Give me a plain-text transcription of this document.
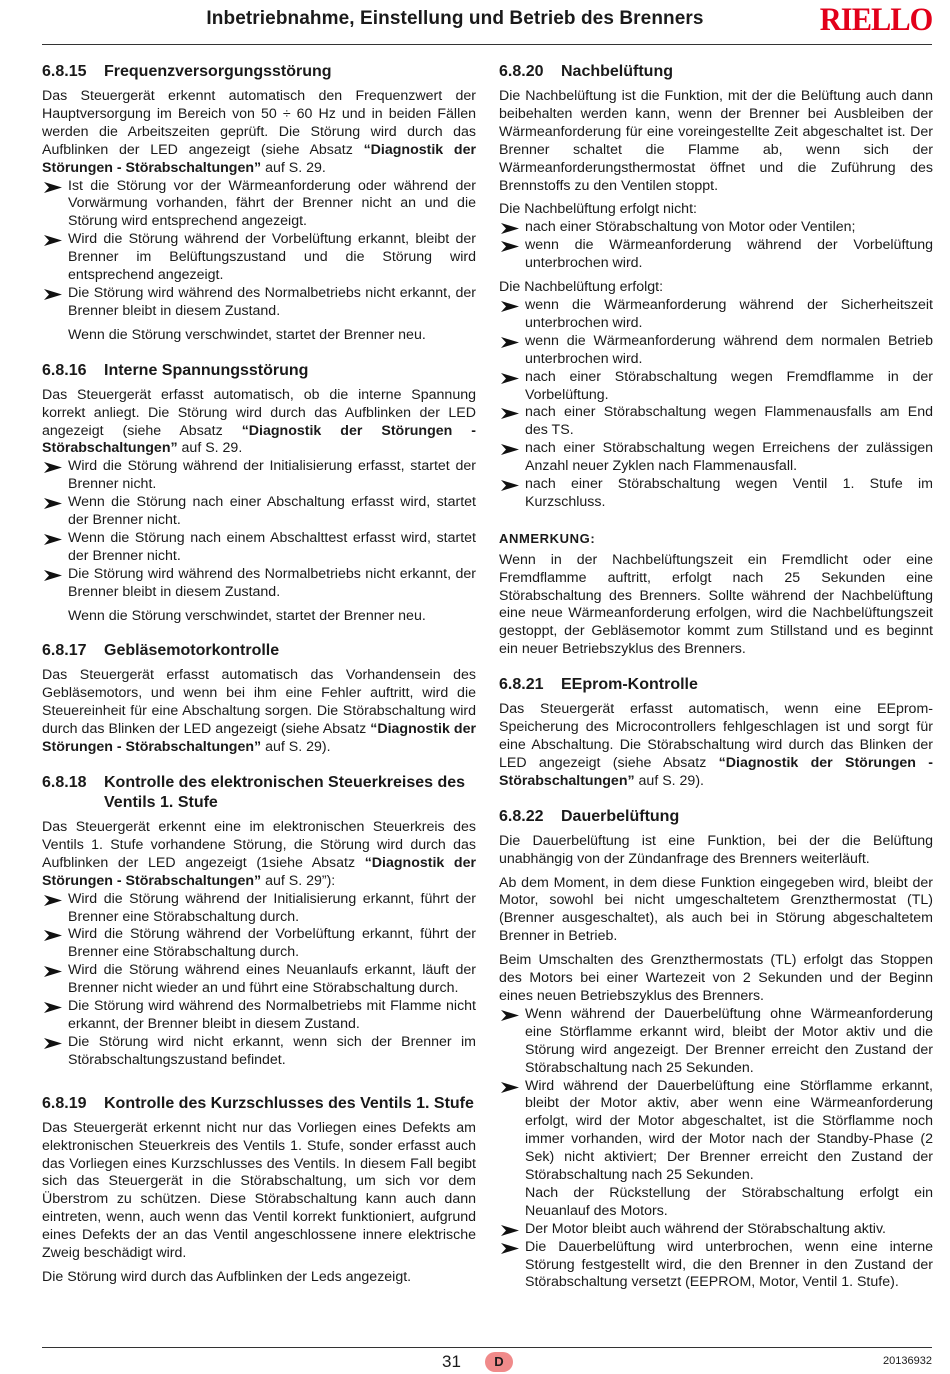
Inbetriebnahme, Einstellung und Betrieb des Brenners	RIELLO
6.8.15	Frequenzversorgungsstörung

Das Steuergerät erkennt automatisch den Frequenzwert der Hauptversorgung im Bereich von 50 ÷ 60 Hz und in beiden Fällen werden die Arbeitszeiten geprüft. Die Störung wird durch das Aufblinken der LED angezeigt (siehe Absatz “Diagnostik der Störungen - Störabschaltungen” auf S. 29.

Ist die Störung vor der Wärmeanforderung oder während der Vorwärmung vorhanden, fährt der Brenner nicht an und die Störung wird entsprechend angezeigt.
Wird die Störung während der Vorbelüftung erkannt, bleibt der Brenner im Belüftungszustand und die Störung wird entsprechend angezeigt.
Die Störung wird während des Normalbetriebs nicht erkannt, der Brenner bleibt in diesem Zustand.

Wenn die Störung verschwindet, startet der Brenner neu.

6.8.16	Interne Spannungsstörung

Das Steuergerät erfasst automatisch, ob die interne Spannung korrekt anliegt. Die Störung wird durch das Aufblinken der LED angezeigt (siehe Absatz “Diagnostik der Störungen - Störabschaltungen” auf S. 29.

Wird die Störung während der Initialisierung erfasst, startet der Brenner nicht.
Wenn die Störung nach einer Abschaltung erfasst wird, startet der Brenner nicht.
Wenn die Störung nach einem Abschalttest erfasst wird, startet der Brenner nicht.
Die Störung wird während des Normalbetriebs nicht erkannt, der Brenner bleibt in diesem Zustand.

Wenn die Störung verschwindet, startet der Brenner neu.

6.8.17	Gebläsemotorkontrolle

Das Steuergerät erfasst automatisch das Vorhandensein des Gebläsemotors, und wenn bei ihm eine Fehler auftritt, wird die Steuereinheit für eine Abschaltung sorgen. Die Störabschaltung wird durch das Blinken der LED angezeigt (siehe Absatz “Diagnostik der Störungen - Störabschaltungen” auf S. 29).

6.8.18	Kontrolle des elektronischen Steuerkreises des Ventils 1. Stufe

Das Steuergerät erkennt eine im elektronischen Steuerkreis des Ventils 1. Stufe vorhandene Störung, die Störung wird durch das Aufblinken der LED angezeigt (1siehe Absatz “Diagnostik der Störungen - Störabschaltungen” auf S. 29”):

Wird die Störung während der Initialisierung erkannt, führt der Brenner eine Störabschaltung durch.
Wird die Störung während der Vorbelüftung erkannt, führt der Brenner eine Störabschaltung durch.
Wird die Störung während eines Neuanlaufs erkannt, läuft der Brenner nicht wieder an und führt eine Störabschaltung durch.
Die Störung wird während des Normalbetriebs mit Flamme nicht erkannt, der Brenner bleibt in diesem Zustand.
Die Störung wird nicht erkannt, wenn sich der Brenner im Störabschaltungszustand befindet.
6.8.19	Kontrolle des Kurzschlusses des Ventils 1. Stufe

Das Steuergerät erkennt nicht nur das Vorliegen eines Defekts am elektronischen Steuerkreis des Ventils 1. Stufe, sonder erfasst auch das Vorliegen eines Kurzschlusses des Ventils. In diesem Fall begibt sich das Steuergerät in die Störabschaltung, um sich vor dem Überstrom zu schützen. Diese Störabschaltung kann auch dann eintreten, wenn, auch wenn das Ventil korrekt funktioniert, aufgrund eines Defekts der an das Ventil angeschlossene innere elektrische Zweig beschädigt wird.

Die Störung wird durch das Aufblinken der Leds angezeigt.

6.8.20	Nachbelüftung

Die Nachbelüftung ist die Funktion, mit der die Belüftung auch dann beibehalten werden kann, wenn der Brenner bei Ausbleiben der Wärmeanforderung für eine voreingestellte Zeit abgeschaltet ist. Der Brenner schaltet die Flamme ab, wenn sich der Wärmeanforderungsthermostat öffnet und die Zuführung des Brennstoffs zu den Ventilen stoppt.

Die Nachbelüftung erfolgt nicht:

nach einer Störabschaltung von Motor oder Ventilen;
wenn die Wärmeanforderung während der Vorbelüftung unterbrochen wird.

Die Nachbelüftung erfolgt:

wenn die Wärmeanforderung während der Sicherheitszeit unterbrochen wird.
wenn die Wärmeanforderung während dem normalen Betrieb unterbrochen wird.
nach einer Störabschaltung wegen Fremdflamme in der Vorbelüftung.
nach einer Störabschaltung wegen Flammenausfalls am End des TS.
nach einer Störabschaltung wegen Erreichens der zulässigen Anzahl neuer Zyklen nach Flammenausfall.
nach einer Störabschaltung wegen Ventil 1. Stufe im Kurzschluss.
ANMERKUNG:

Wenn in der Nachbelüftungszeit ein Fremdlicht oder eine Fremdflamme auftritt, erfolgt nach 25 Sekunden eine Störabschaltung des Brenners. Sollte während der Nachbelüftung eine neue Wärmeanforderung erfolgen, wird die Nachbelüftungszeit gestoppt, der Gebläsemotor kommt zum Stillstand und es beginnt ein neuer Betriebszyklus des Brenners.

6.8.21	EEprom-Kontrolle

Das Steuergerät erfasst automatisch, wenn eine EEprom-Speicherung des Microcontrollers fehlgeschlagen ist und sorgt für eine Abschaltung. Die Störabschaltung wird durch das Blinken der LED angezeigt (siehe Absatz “Diagnostik der Störungen - Störabschaltungen” auf S. 29).

6.8.22	Dauerbelüftung

Die Dauerbelüftung ist eine Funktion, bei der die Belüftung unabhängig von der Zündanfrage des Brenners weiterläuft.

Ab dem Moment, in dem diese Funktion eingegeben wird, bleibt der Motor, sowohl bei nicht umgeschaltetem Grenzthermostat (TL) (Brenner ausgeschaltet), als auch bei in Störung abgeschaltetem Brenner in Betrieb.

Beim Umschalten des Grenzthermostats (TL) erfolgt das Stoppen des Motors bei einer Wartezeit von 2 Sekunden und der Beginn eines neuen Betriebszyklus des Brenners.

Wenn während der Dauerbelüftung ohne Wärmeanforderung eine Störflamme erkannt wird, bleibt der Motor aktiv und die Störung wird angezeigt. Der Brenner erreicht den Zustand der Störabschaltung nach 25 Sekunden.
Wird während der Dauerbelüftung eine Störflamme erkannt, bleibt der Motor aktiv, aber wenn eine Wärmeanforderung erfolgt, wird der Motor abgeschaltet, ist die Störflamme noch immer vorhanden, wird der Motor nach der Standby-Phase (2 Sek) nicht aktiviert; Der Brenner erreicht den Zustand der Störabschaltung nach 25 Sekunden.

Nach der Rückstellung der Störabschaltung erfolgt ein Neuanlauf des Motors.

Der Motor bleibt auch während der Störabschaltung aktiv.
Die Dauerbelüftung wird unterbrochen, wenn eine interne Störung festgestellt wird, die den Brenner in den Zustand der Störabschaltung versetzt (EEPROM, Motor, Ventil 1. Stufe).
31	D	20136932
